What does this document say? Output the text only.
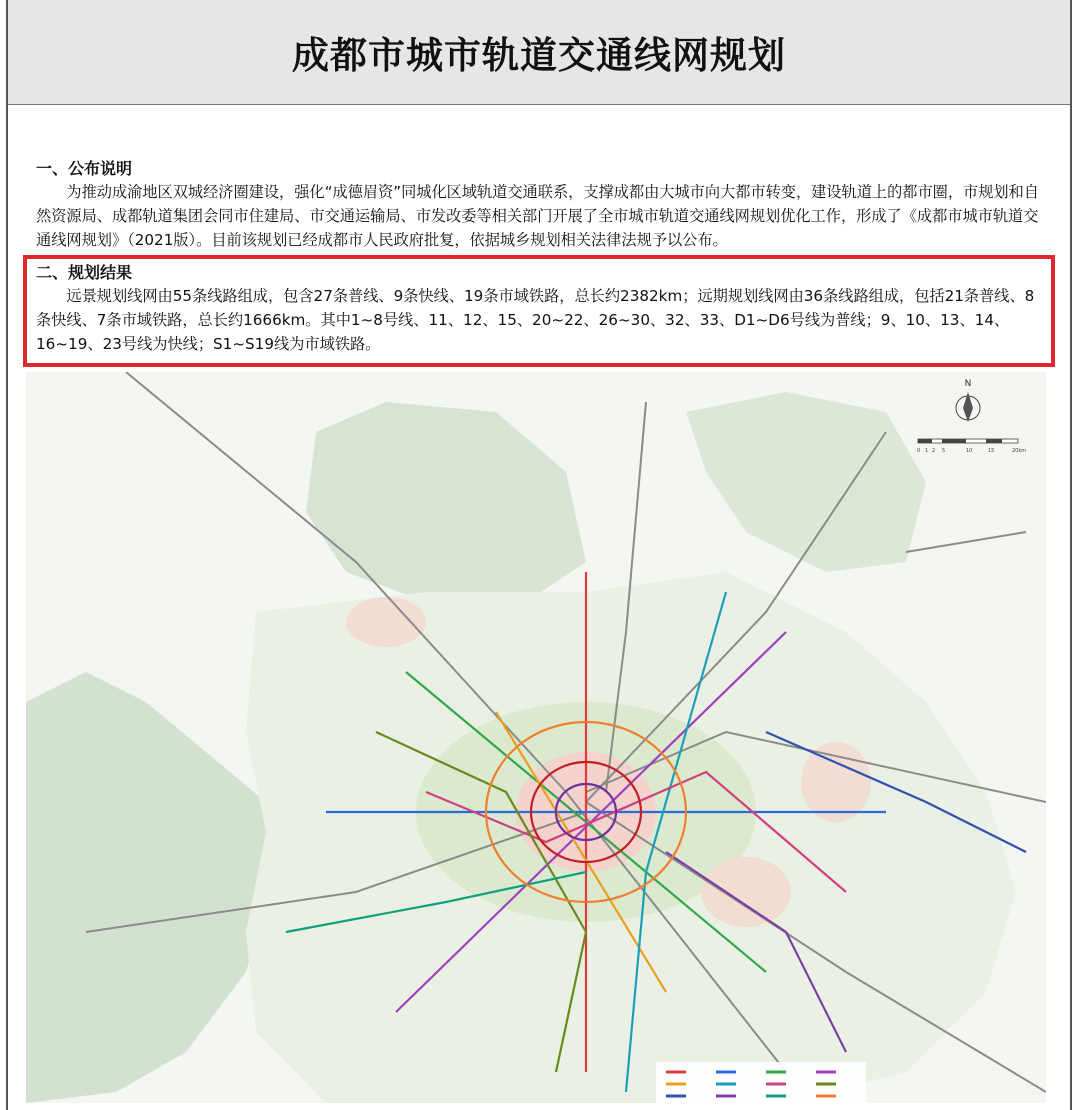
成都市城市轨道交通线网规划
一、公布说明
为推动成渝地区双城经济圈建设，强化“成德眉资”同城化区域轨道交通联系，支撑成都由大城市向大都市转变，建设轨道上的都市圈，市规划和自然资源局、成都轨道集团会同市住建局、市交通运输局、市发改委等相关部门开展了全市城市轨道交通线网规划优化工作，形成了《成都市城市轨道交通线网规划》（2021版）。目前该规划已经成都市人民政府批复，依据城乡规划相关法律法规予以公布。
二、规划结果
远景规划线网由55条线路组成，包含27条普线、9条快线、19条市域铁路，总长约2382km；远期规划线网由36条线路组成，包括21条普线、8条快线、7条市域铁路，总长约1666km。其中1~8号线、11、12、15、20~22、26~30、32、33、D1~D6号线为普线；9、10、13、14、16~19、23号线为快线；S1~S19线为市域铁路。
N
0 1 2 5	10	15	20km
